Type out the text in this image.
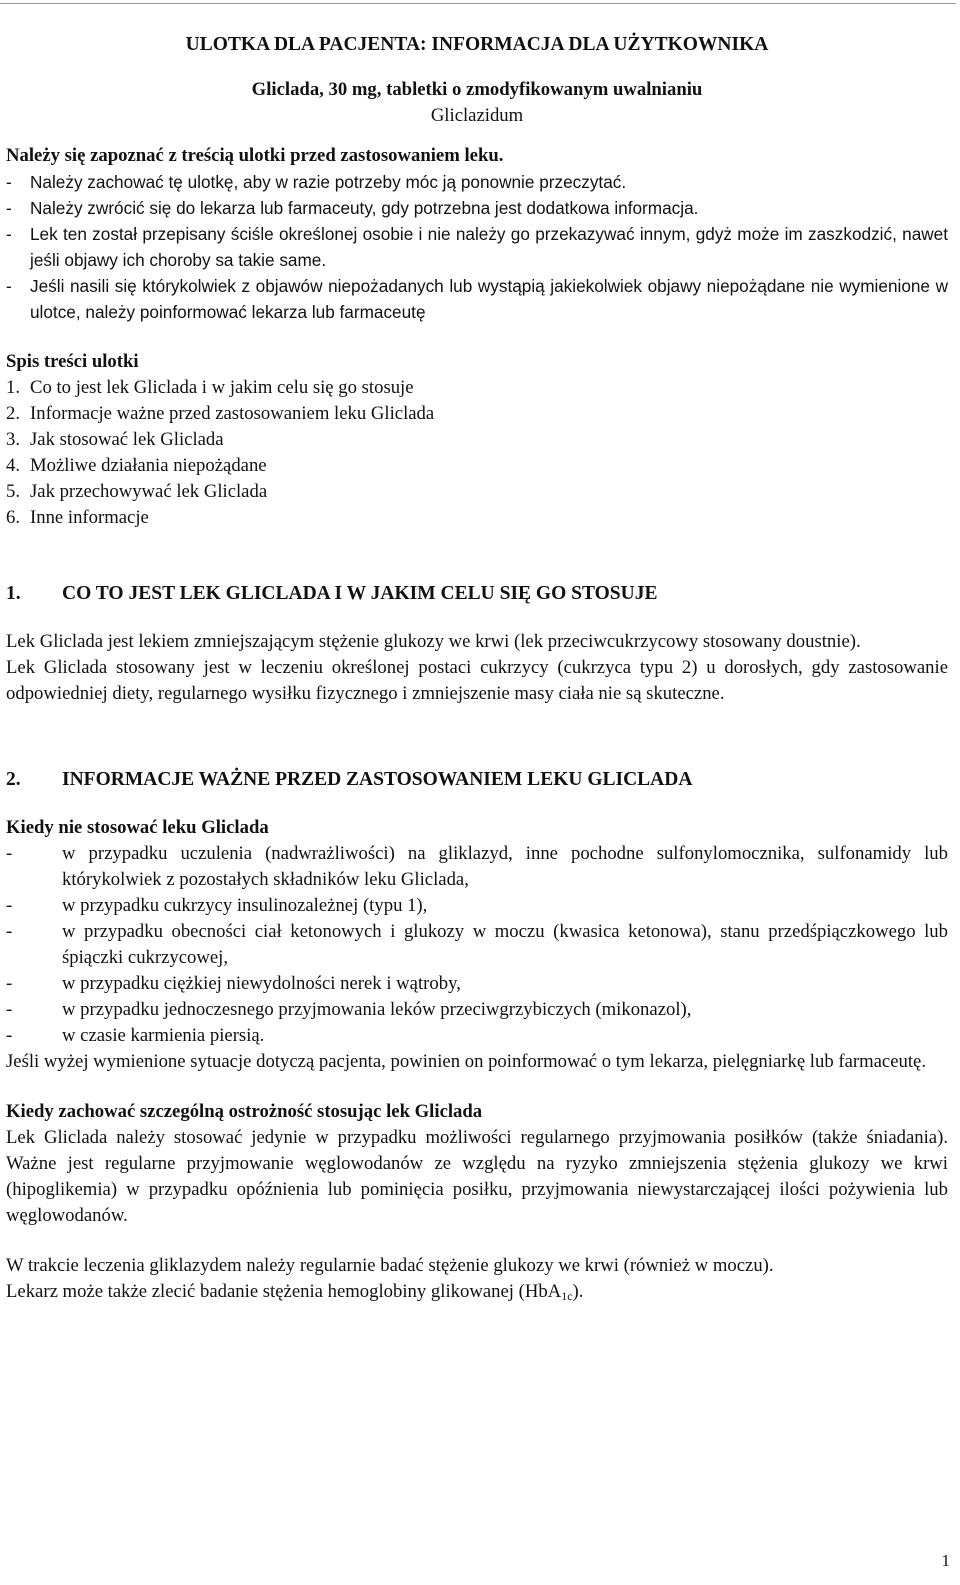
ULOTKA DLA PACJENTA: INFORMACJA DLA UŻYTKOWNIKA
Gliclada, 30 mg, tabletki o zmodyfikowanym uwalnianiu
Gliclazidum
Należy się zapoznać z treścią ulotki przed zastosowaniem leku.
-	Należy zachować tę ulotkę, aby w razie potrzeby móc ją ponownie przeczytać.
-	Należy zwrócić się do lekarza lub farmaceuty, gdy potrzebna jest dodatkowa informacja.
-	Lek ten został przepisany ściśle określonej osobie i nie należy go przekazywać innym, gdyż może im zaszkodzić, nawet jeśli objawy ich choroby sa takie same.
-	Jeśli nasili się którykolwiek z objawów niepożadanych lub wystąpią jakiekolwiek objawy niepożądane nie wymienione w ulotce, należy poinformować lekarza lub farmaceutę
Spis treści ulotki
1. Co to jest lek Gliclada i w jakim celu się go stosuje
2. Informacje ważne przed zastosowaniem leku Gliclada
3. Jak stosować lek Gliclada
4. Możliwe działania niepożądane
5. Jak przechowywać lek Gliclada
6. Inne informacje
1.	CO TO JEST LEK GLICLADA I W JAKIM CELU SIĘ GO STOSUJE
Lek Gliclada jest lekiem zmniejszającym stężenie glukozy we krwi (lek przeciwcukrzycowy stosowany doustnie).
Lek Gliclada stosowany jest w leczeniu określonej postaci cukrzycy (cukrzyca typu 2) u dorosłych, gdy zastosowanie odpowiedniej diety, regularnego wysiłku fizycznego i zmniejszenie masy ciała nie są skuteczne.
2.	INFORMACJE WAŻNE PRZED ZASTOSOWANIEM LEKU GLICLADA
Kiedy nie stosować leku Gliclada
-	w przypadku uczulenia (nadwrażliwości) na gliklazyd, inne pochodne sulfonylomocznika, sulfonamidy lub którykolwiek z pozostałych składników leku Gliclada,
-	w przypadku cukrzycy insulinozależnej (typu 1),
-	w przypadku obecności ciał ketonowych i glukozy w moczu (kwasica ketonowa), stanu przedśpiączkowego lub śpiączki cukrzycowej,
-	w przypadku ciężkiej niewydolności nerek i wątroby,
-	w przypadku jednoczesnego przyjmowania leków przeciwgrzybiczych (mikonazol),
-	w czasie karmienia piersią.
Jeśli wyżej wymienione sytuacje dotyczą pacjenta, powinien on poinformować o tym lekarza, pielęgniarkę lub farmaceutę.
Kiedy zachować szczególną ostrożność stosując lek Gliclada
Lek Gliclada należy stosować jedynie w przypadku możliwości regularnego przyjmowania posiłków (także śniadania). Ważne jest regularne przyjmowanie węglowodanów ze względu na ryzyko zmniejszenia stężenia glukozy we krwi (hipoglikemia) w przypadku opóźnienia lub pominięcia posiłku, przyjmowania niewystarczającej ilości pożywienia lub węglowodanów.
W trakcie leczenia gliklazydem należy regularnie badać stężenie glukozy we krwi (również w moczu).
Lekarz może także zlecić badanie stężenia hemoglobiny glikowanej (HbA$_{1c}$).
1
